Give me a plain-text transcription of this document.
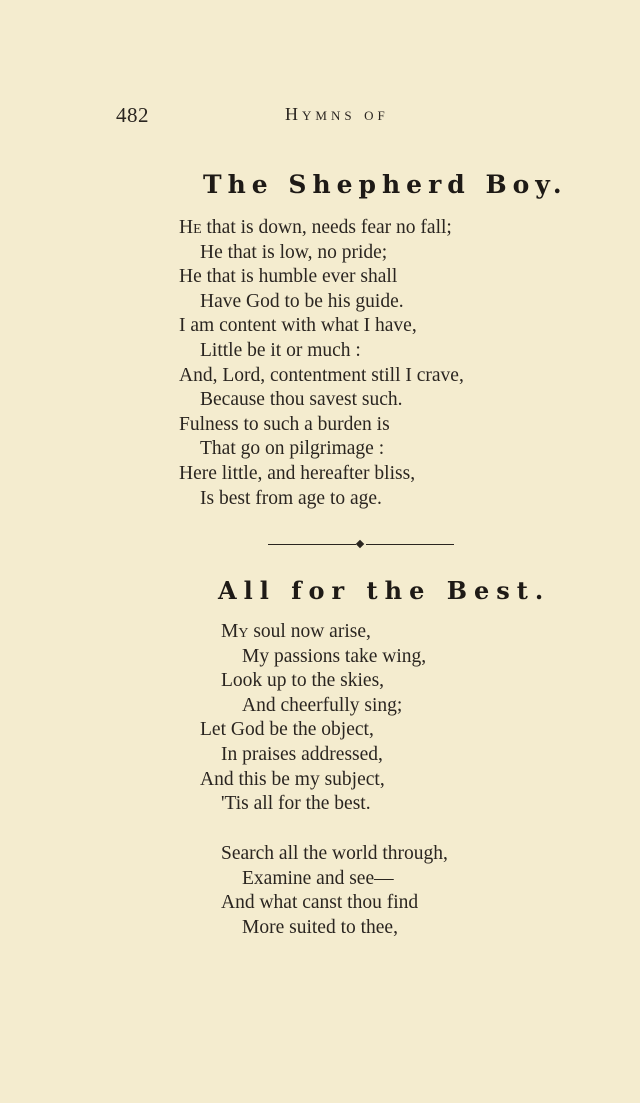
482	Hymns of
The Shepherd Boy.
He that is down, needs fear no fall;
He that is low, no pride;
He that is humble ever shall
Have God to be his guide.
I am content with what I have,
Little be it or much :
And, Lord, contentment still I crave,
Because thou savest such.
Fulness to such a burden is
That go on pilgrimage :
Here little, and hereafter bliss,
Is best from age to age.
All for the Best.
My soul now arise,
My passions take wing,
Look up to the skies,
And cheerfully sing;
Let God be the object,
In praises addressed,
And this be my subject,
'Tis all for the best.
Search all the world through,
Examine and see—
And what canst thou find
More suited to thee,
